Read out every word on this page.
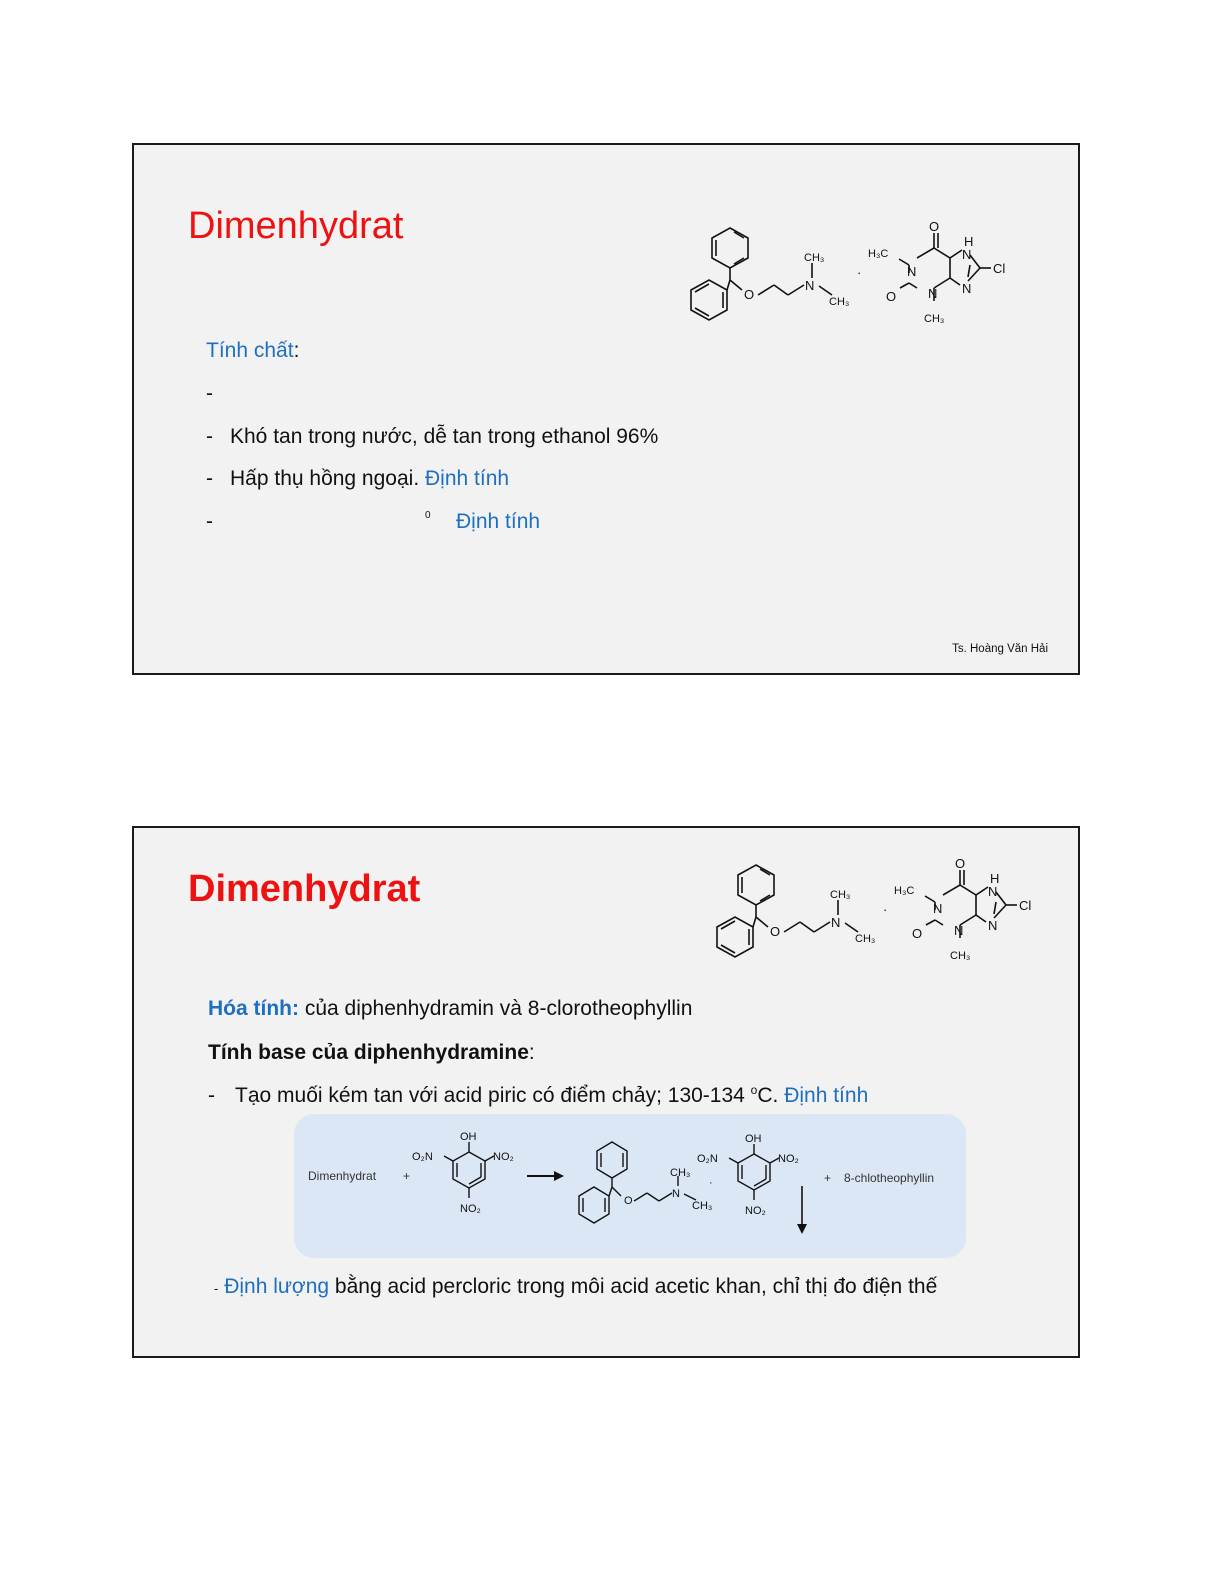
Dimenhydrat
O
N
CH₃
CH₃
·
H₃C
N
O
O N
CH₃
H
N
N
Cl
Tính chất:
-
- Khó tan trong nước, dễ tan trong ethanol 96%
- Hấp thụ hồng ngoại. Định tính
-	0 Định tính
Ts. Hoàng Văn Hải
Dimenhydrat
O
N
CH₃
CH₃
·
H₃C
N
O
O N
CH₃
H
N
N
Cl
Hóa tính: của diphenhydramin và 8-clorotheophyllin
Tính base của diphenhydramine:
- Tạo muối kém tan với acid piric có điểm chảy; 130-134 $^o$C. Định tính
Dimenhydrat +
OH
O₂N	NO₂
NO₂
O
N
CH₃
CH₃
·
OH
O₂N	NO₂
NO₂
+ 8-chlotheophyllin
- Định lượng bằng acid percloric trong môi acid acetic khan, chỉ thị đo điện thế
